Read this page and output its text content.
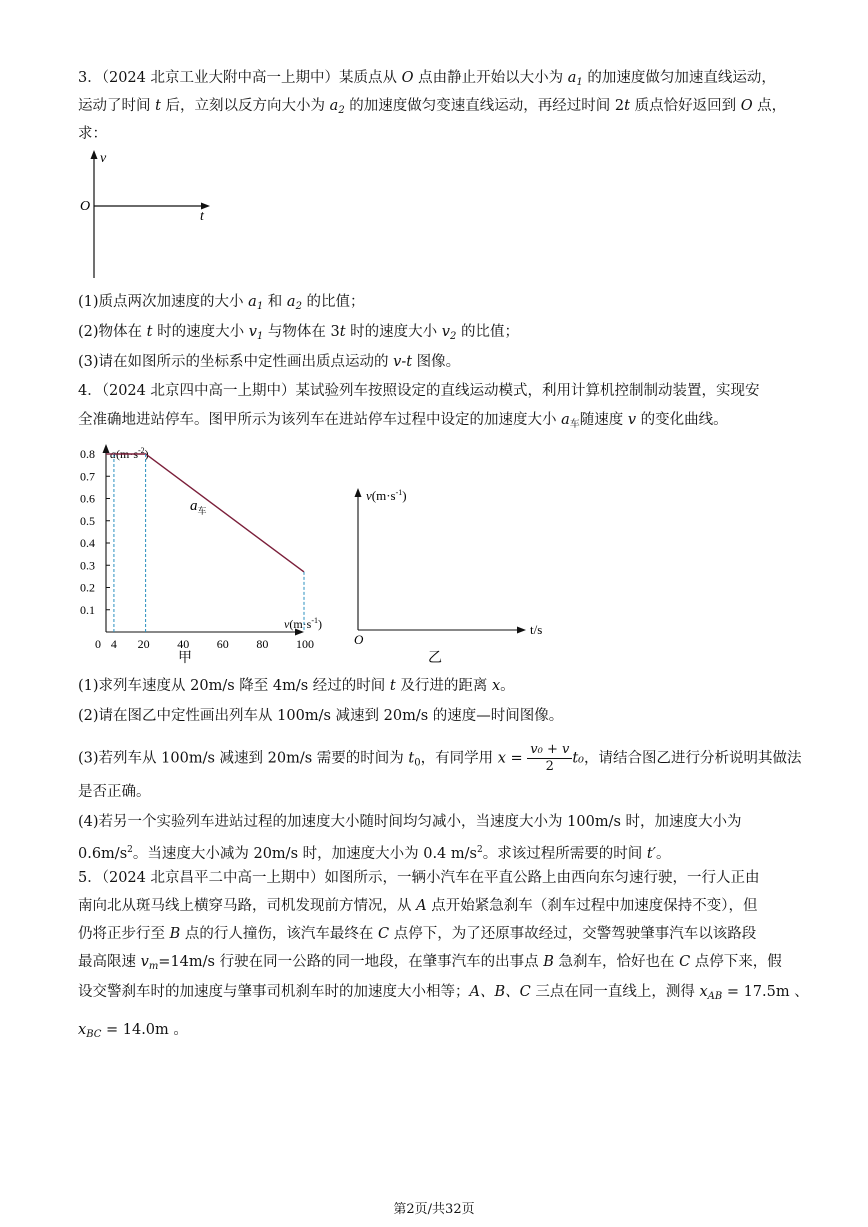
3．（2024 北京工业大附中高一上期中）某质点从 O 点由静止开始以大小为 $a_1$ 的加速度做匀加速直线运动，
运动了时间 t 后，立刻以反方向大小为 $a_2$ 的加速度做匀变速直线运动，再经过时间 2t 质点恰好返回到 O 点，
求：
v
O
t
(1)质点两次加速度的大小 $a_1$ 和 $a_2$ 的比值；
(2)物体在 t 时的速度大小 $v_1$ 与物体在 3t 时的速度大小 $v_2$ 的比值；
(3)请在如图所示的坐标系中定性画出质点运动的 v-t 图像。
4．（2024 北京四中高一上期中）某试验列车按照设定的直线运动模式，利用计算机控制制动装置，实现安
全准确地进站停车。图甲所示为该列车在进站停车过程中设定的加速度大小 $a_车$随速度 v 的变化曲线。
$a(m\cdot s^{-2})$
$v(m\cdot s^{-1})$
$a_车$
甲
0.1
0.2
0.3
0.4
0.5
0.6
0.7
0.8
0 4 20 40 60 80 100
$v(m\cdot s^{-1})$
t/s
O
乙
(1)求列车速度从 20m/s 降至 4m/s 经过的时间 t 及行进的距离 x。
(2)请在图乙中定性画出列车从 100m/s 减速到 20m/s 的速度—时间图像。
(3)若列车从 100m/s 减速到 20m/s 需要的时间为 $t_0$，有同学用 $x = \frac{\text{v₀ + v}}{2} t_0$，请结合图乙进行分析说明其做法
是否正确。
(4)若另一个实验列车进站过程的加速度大小随时间均匀减小，当速度大小为 100m/s 时，加速度大小为
$0.6m/s^2$。当速度大小减为 20m/s 时，加速度大小为 0.4 $m/s^2$。求该过程所需要的时间 t′。
5．（2024 北京昌平二中高一上期中）如图所示，一辆小汽车在平直公路上由西向东匀速行驶，一行人正由
南向北从斑马线上横穿马路，司机发现前方情况，从 A 点开始紧急刹车（刹车过程中加速度保持不变），但
仍将正步行至 B 点的行人撞伤，该汽车最终在 C 点停下，为了还原事故经过，交警驾驶肇事汽车以该路段
最高限速 $v_m=14m/s$ 行驶在同一公路的同一地段，在肇事汽车的出事点 B 急刹车，恰好也在 C 点停下来，假
设交警刹车时的加速度与肇事司机刹车时的加速度大小相等；A、B、C 三点在同一直线上，测得 $x_{AB} = 17.5m$ 、
$x_{BC} = 14.0m$ 。
第2页/共32页
